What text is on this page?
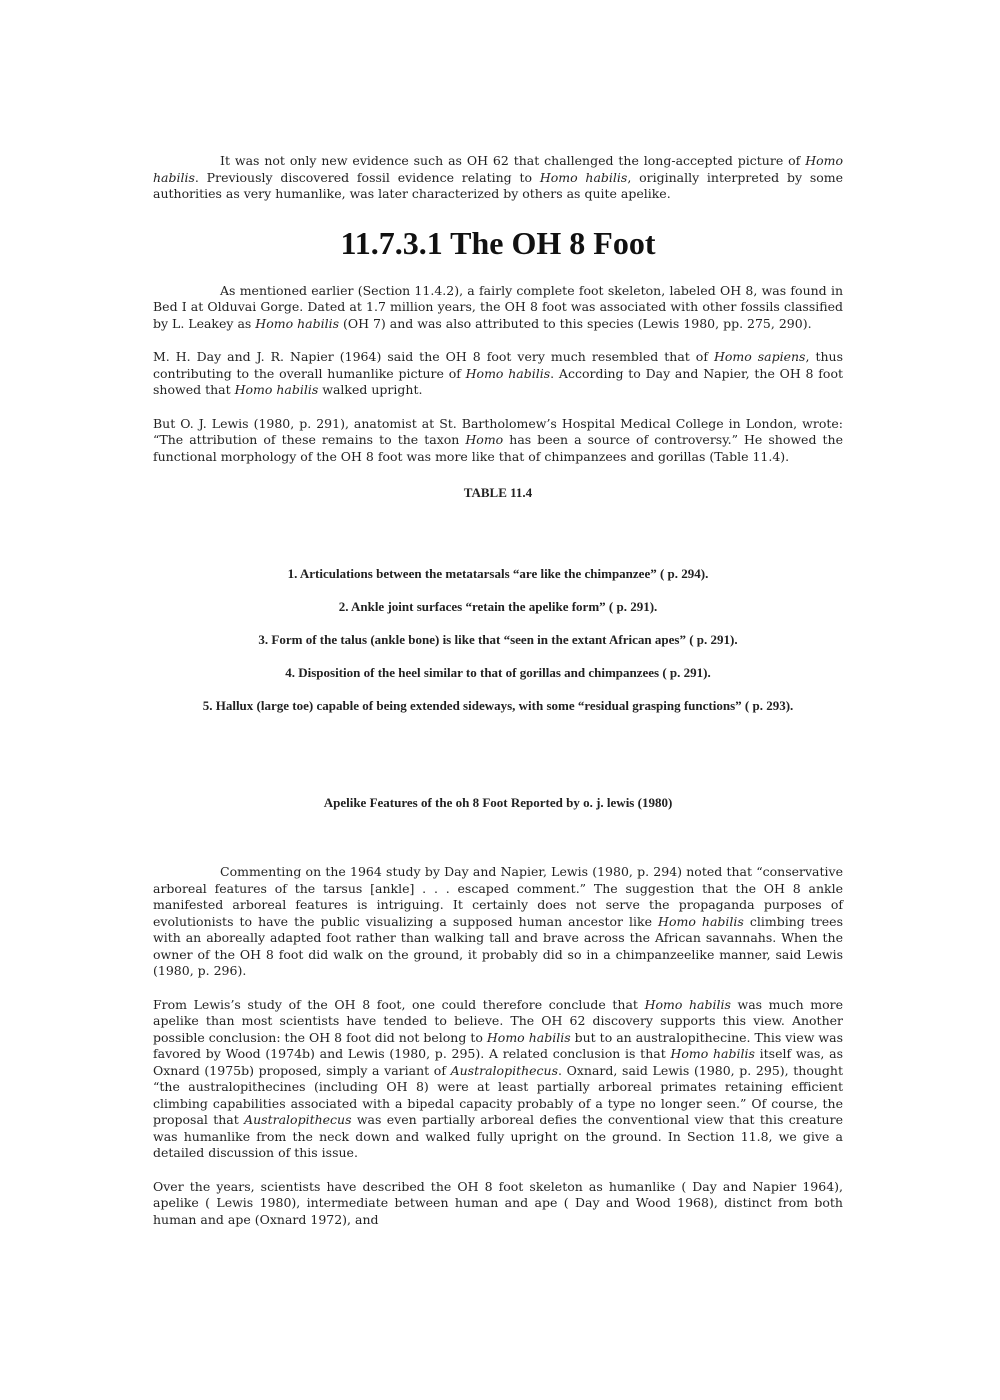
It was not only new evidence such as OH 62 that challenged the long-accepted picture of Homo habilis. Previously discovered fossil evidence relating to Homo habilis, originally interpreted by some authorities as very humanlike, was later characterized by others as quite apelike.

11.7.3.1 The OH 8 Foot

As mentioned earlier (Section 11.4.2), a fairly complete foot skeleton, labeled OH 8, was found in Bed I at Olduvai Gorge. Dated at 1.7 million years, the OH 8 foot was associated with other fossils classified by L. Leakey as Homo habilis (OH 7) and was also attributed to this species (Lewis 1980, pp. 275, 290).

M. H. Day and J. R. Napier (1964) said the OH 8 foot very much resembled that of Homo sapiens, thus contributing to the overall humanlike picture of Homo habilis. According to Day and Napier, the OH 8 foot showed that Homo habilis walked upright.

But O. J. Lewis (1980, p. 291), anatomist at St. Bartholomew’s Hospital Medical College in London, wrote: “The attribution of these remains to the taxon Homo has been a source of controversy.” He showed the functional morphology of the OH 8 foot was more like that of chimpanzees and gorillas (Table 11.4).

TABLE 11.4
1. Articulations between the metatarsals “are like the chimpanzee” ( p. 294).
2. Ankle joint surfaces “retain the apelike form” ( p. 291).
3. Form of the talus (ankle bone) is like that “seen in the extant African apes” ( p. 291).
4. Disposition of the heel similar to that of gorillas and chimpanzees ( p. 291).
5. Hallux (large toe) capable of being extended sideways, with some “residual grasping functions” ( p. 293).
Apelike Features of the oh 8 Foot Reported by o. j. lewis (1980)

Commenting on the 1964 study by Day and Napier, Lewis (1980, p. 294) noted that “conservative arboreal features of the tarsus [ankle] . . . escaped comment.” The suggestion that the OH 8 ankle manifested arboreal features is intriguing. It certainly does not serve the propaganda purposes of evolutionists to have the public visualizing a supposed human ancestor like Homo habilis climbing trees with an aboreally adapted foot rather than walking tall and brave across the African savannahs. When the owner of the OH 8 foot did walk on the ground, it probably did so in a chimpanzeelike manner, said Lewis (1980, p. 296).

From Lewis’s study of the OH 8 foot, one could therefore conclude that Homo habilis was much more apelike than most scientists have tended to believe. The OH 62 discovery supports this view. Another possible conclusion: the OH 8 foot did not belong to Homo habilis but to an australopithecine. This view was favored by Wood (1974b) and Lewis (1980, p. 295). A related conclusion is that Homo habilis itself was, as Oxnard (1975b) proposed, simply a variant of Australopithecus. Oxnard, said Lewis (1980, p. 295), thought “the australopithecines (including OH 8) were at least partially arboreal primates retaining efficient climbing capabilities associated with a bipedal capacity probably of a type no longer seen.” Of course, the proposal that Australopithecus was even partially arboreal defies the conventional view that this creature was humanlike from the neck down and walked fully upright on the ground. In Section 11.8, we give a detailed discussion of this issue.

Over the years, scientists have described the OH 8 foot skeleton as humanlike ( Day and Napier 1964), apelike ( Lewis 1980), intermediate between human and ape ( Day and Wood 1968), distinct from both human and ape (Oxnard 1972), and
